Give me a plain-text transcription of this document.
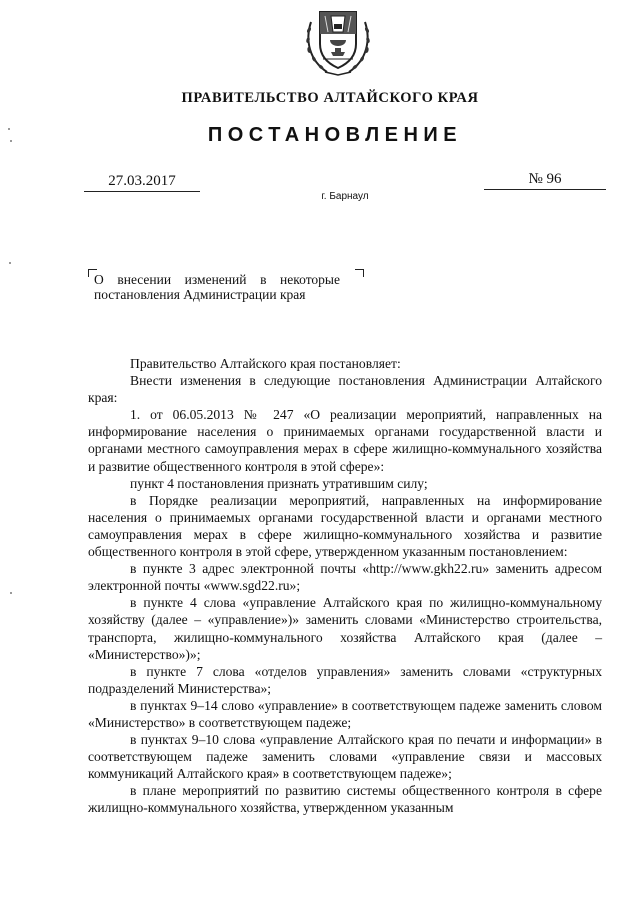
ПРАВИТЕЛЬСТВО АЛТАЙСКОГО КРАЯ
ПОСТАНОВЛЕНИЕ
27.03.2017	№ 96
г. Барнаул
О внесении изменений в некоторые
постановления Администрации края

Правительство Алтайского края постановляет:

Внести изменения в следующие постановления Администрации Алтайского края:

1. от 06.05.2013 № 247 «О реализации мероприятий, направленных на информирование населения о принимаемых органами государственной власти и органами местного самоуправления мерах в сфере жилищно-коммунального хозяйства и развитие общественного контроля в этой сфере»:

пункт 4 постановления признать утратившим силу;

в Порядке реализации мероприятий, направленных на информирование населения о принимаемых органами государственной власти и органами местного самоуправления мерах в сфере жилищно-коммунального хозяйства и развитие общественного контроля в этой сфере, утвержденном указанным постановлением:

в пункте 3 адрес электронной почты «http://www.gkh22.ru» заменить адресом электронной почты «www.sgd22.ru»;

в пункте 4 слова «управление Алтайского края по жилищно-коммунальному хозяйству (далее – «управление»)» заменить словами «Министерство строительства, транспорта, жилищно-коммунального хозяйства Алтайского края (далее – «Министерство»)»;

в пункте 7 слова «отделов управления» заменить словами «структурных подразделений Министерства»;

в пунктах 9–14 слово «управление» в соответствующем падеже заменить словом «Министерство» в соответствующем падеже;

в пунктах 9–10 слова «управление Алтайского края по печати и информации» в соответствующем падеже заменить словами «управление связи и массовых коммуникаций Алтайского края» в соответствующем падеже»;

в плане мероприятий по развитию системы общественного контроля в сфере жилищно-коммунального хозяйства, утвержденном указанным
